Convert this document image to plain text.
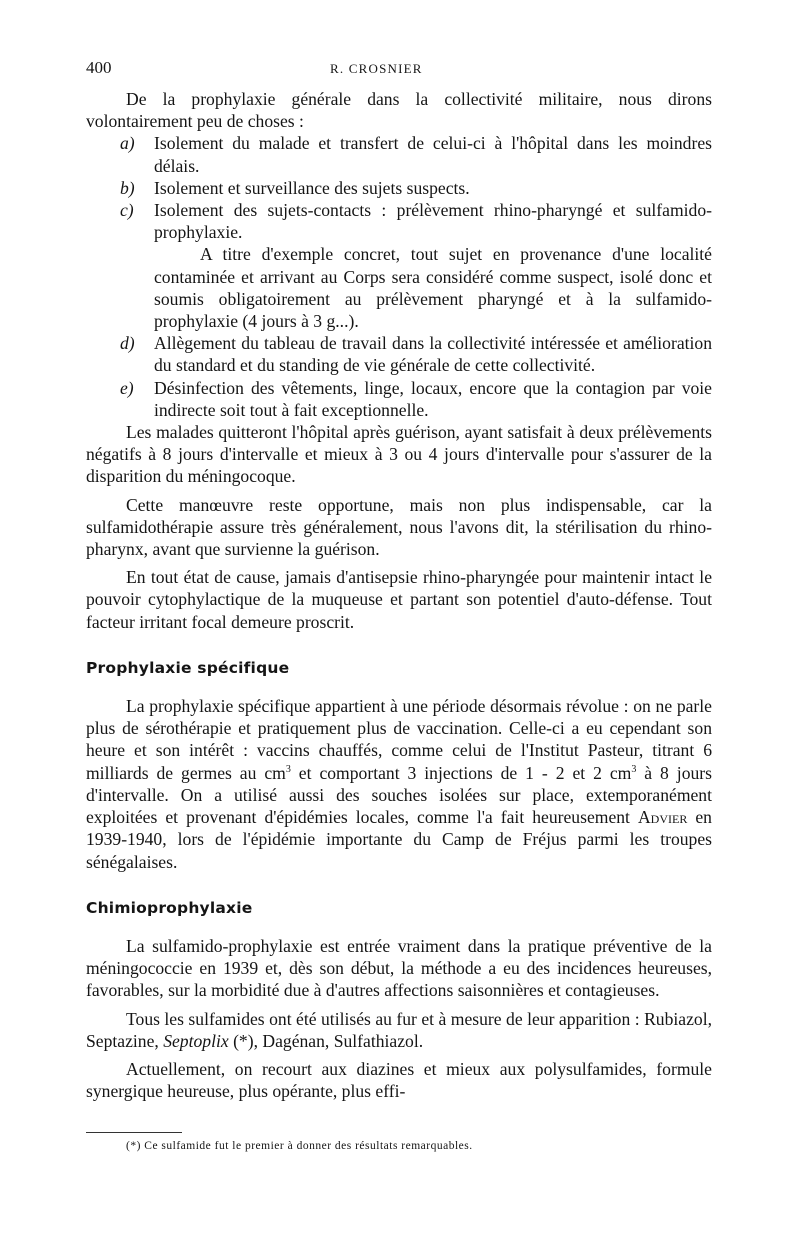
400	R. CROSNIER

De la prophylaxie générale dans la collectivité militaire, nous dirons volontairement peu de choses :

a) Isolement du malade et transfert de celui-ci à l'hôpital dans les moindres délais.

b) Isolement et surveillance des sujets suspects.

c) Isolement des sujets-contacts : prélèvement rhino-pharyngé et sulfamido-prophylaxie.

A titre d'exemple concret, tout sujet en provenance d'une localité contaminée et arrivant au Corps sera considéré comme suspect, isolé donc et soumis obligatoirement au prélèvement pharyngé et à la sulfamido-prophylaxie (4 jours à 3 g...).

d) Allègement du tableau de travail dans la collectivité intéressée et amélioration du standard et du standing de vie générale de cette collectivité.

e) Désinfection des vêtements, linge, locaux, encore que la contagion par voie indirecte soit tout à fait exceptionnelle.

Les malades quitteront l'hôpital après guérison, ayant satisfait à deux prélèvements négatifs à 8 jours d'intervalle et mieux à 3 ou 4 jours d'intervalle pour s'assurer de la disparition du méningocoque.

Cette manœuvre reste opportune, mais non plus indispensable, car la sulfamidothérapie assure très généralement, nous l'avons dit, la stérilisation du rhino-pharynx, avant que survienne la guérison.

En tout état de cause, jamais d'antisepsie rhino-pharyngée pour maintenir intact le pouvoir cytophylactique de la muqueuse et partant son potentiel d'auto-défense. Tout facteur irritant focal demeure proscrit.

Prophylaxie spécifique

La prophylaxie spécifique appartient à une période désormais révolue : on ne parle plus de sérothérapie et pratiquement plus de vaccination. Celle-ci a eu cependant son heure et son intérêt : vaccins chauffés, comme celui de l'Institut Pasteur, titrant 6 milliards de germes au $cm^3$ et comportant 3 injections de 1 - 2 et 2 $cm^3$ à 8 jours d'intervalle. On a utilisé aussi des souches isolées sur place, extemporanément exploitées et provenant d'épidémies locales, comme l'a fait heureusement Advier en 1939-1940, lors de l'épidémie importante du Camp de Fréjus parmi les troupes sénégalaises.

Chimioprophylaxie

La sulfamido-prophylaxie est entrée vraiment dans la pratique préventive de la méningococcie en 1939 et, dès son début, la méthode a eu des incidences heureuses, favorables, sur la morbidité due à d'autres affections saisonnières et contagieuses.

Tous les sulfamides ont été utilisés au fur et à mesure de leur apparition : Rubiazol, Septazine, Septoplix (*), Dagénan, Sulfathiazol.

Actuellement, on recourt aux diazines et mieux aux polysulfamides, formule synergique heureuse, plus opérante, plus effi-

(*) Ce sulfamide fut le premier à donner des résultats remarquables.
